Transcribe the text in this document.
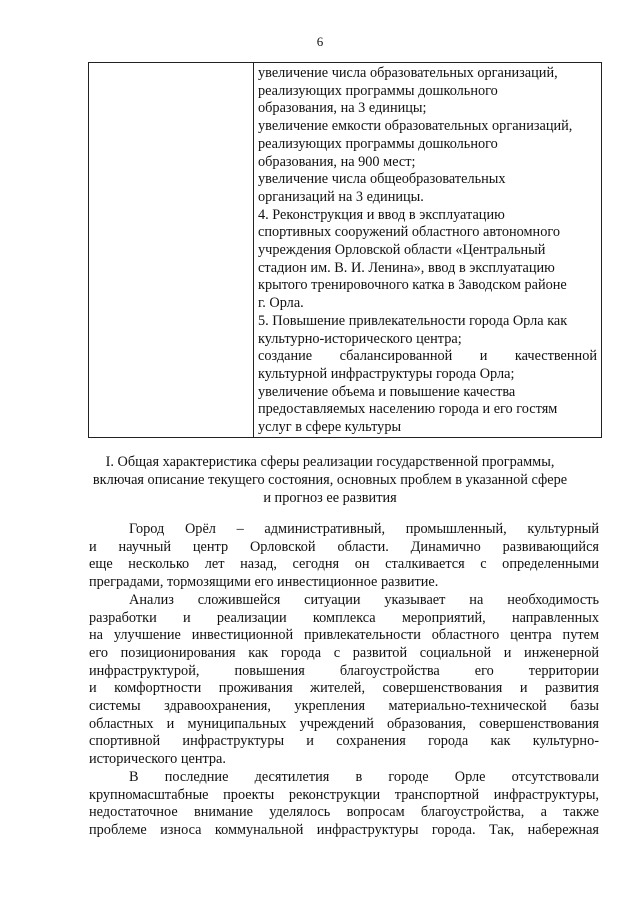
6

увеличение числа образовательных организаций,
реализующих программы дошкольного
образования, на 3 единицы;
увеличение емкости образовательных организаций,
реализующих программы дошкольного
образования, на 900 мест;
увеличение числа общеобразовательных
организаций на 3 единицы.
4. Реконструкция и ввод в эксплуатацию
спортивных сооружений областного автономного
учреждения Орловской области «Центральный
стадион им. В. И. Ленина», ввод в эксплуатацию
крытого тренировочного катка в Заводском районе
г. Орла.
5. Повышение привлекательности города Орла как
культурно-исторического центра;
создание сбалансированной и качественной
культурной инфраструктуры города Орла;
увеличение объема и повышение качества
предоставляемых населению города и его гостям
услуг в сфере культуры
I. Общая характеристика сферы реализации государственной программы,
включая описание текущего состояния, основных проблем в указанной сфере
и прогноз ее развития
Город Орёл – административный, промышленный, культурный
и научный центр Орловской области. Динамично развивающийся
еще несколько лет назад, сегодня он сталкивается с определенными
преградами, тормозящими его инвестиционное развитие.
Анализ сложившейся ситуации указывает на необходимость
разработки и реализации комплекса мероприятий, направленных
на улучшение инвестиционной привлекательности областного центра путем
его позиционирования как города с развитой социальной и инженерной
инфраструктурой, повышения благоустройства его территории
и комфортности проживания жителей, совершенствования и развития
системы здравоохранения, укрепления материально-технической базы
областных и муниципальных учреждений образования, совершенствования
спортивной инфраструктуры и сохранения города как культурно-
исторического центра.
В последние десятилетия в городе Орле отсутствовали
крупномасштабные проекты реконструкции транспортной инфраструктуры,
недостаточное внимание уделялось вопросам благоустройства, а также
проблеме износа коммунальной инфраструктуры города. Так, набережная
